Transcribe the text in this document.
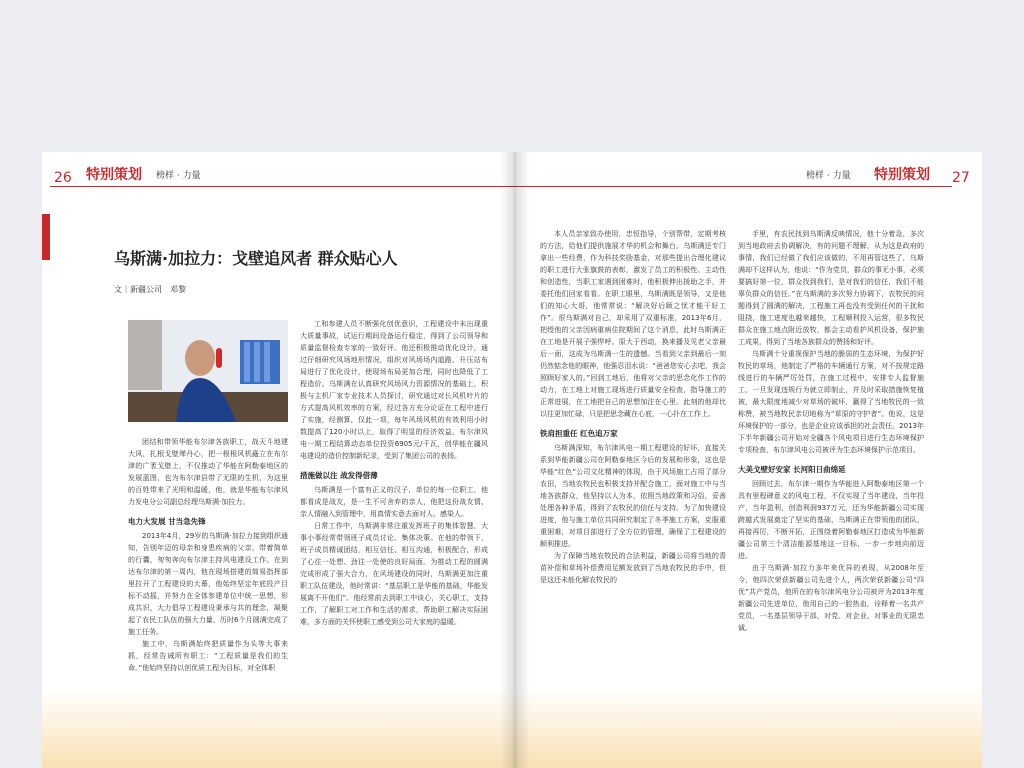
26 特别策划 榜样 · 力量
乌斯满·加拉力：戈壁追风者 群众贴心人
文｜新疆公司　邓黎

团结和带领华能布尔津各族职工，战天斗地建大风，扎根戈壁殚丹心，把一根根风机矗立在布尔津的广袤戈壁上，不仅推动了华能在阿勒泰地区的发展蓝图，也为布尔津县带了无限的生机，为这里的百姓带来了光明和温暖，他，就是华能布尔津风力发电分公司副总经理乌斯满·加拉力。

电力大发展 甘当急先锋

2013年4月，29岁的乌斯满·加拉力接到组织通知，告别年迈的母亲和身患疾病的父亲，带着简单的行囊，匆匆奔向布尔津主持风电建设工作。在到达布尔津的第一周内，他在现场搭建的简易指挥部里拉开了工程建设的大幕，他始终坚定年底投产目标不动摇，并努力在全体参建单位中统一思想，形成共识，大力倡导工程建设秉承与共的理念，凝聚起了农民工队伍的强大力量，历时6个月圆满完成了施工任务。

施工中，乌斯满始终把质量作为头等大事来抓，经常告诫所有职工：“工程质量是我们的生命。”他始终坚持以创优质工程为目标，对全体职

工和参建人员不断强化创优意识，工程建设中未出现重大质量事故，试运行期间设备运行稳定，得到了公司领导和质量监督检查专家的一致好评。他还积极推动优化设计，通过仔细研究风场地形情况，组织对风场场内道路、升压站布局进行了优化设计，使现场布局更加合理，同时也降低了工程造价。乌斯满在认真研究风场风力资源情况的基础上，积极与主机厂家专业技术人员探讨，研究通过对长风机叶片的方式提高风机效率的方案，经过各方充分论证在工程中进行了实施，经测算，仅此一项，每年风场风机的有效利用小时数提高了120小时以上，取得了明显的经济效益。布尔津风电一期工程结算动态单位投资6905元/千瓦，创华能在疆风电建设的造价控制新纪录，受到了集团公司的表扬。

措施做以注 战发得借薄

乌斯满是一个富有正义的汉子，单位的每一位职工，他都看成是战友，是一生不可舍弃的亲人，他把这份战友情、亲人情融入到管理中，用真情实意去面对人、感染人。

日常工作中，乌斯满非常注重发挥班子的集体智慧，大事小事经常带领班子成员讨论、集体决策。在他的带领下，班子成员精诚团结，相互信任、相互沟通，积极配合，形成了心往一处想、劲往一处使的良好局面。为推动工程的圆满完成形成了强大合力，在风场建设的同时，乌斯满更加注重职工队伍建设，他时常讲：“基层职工是华能的基础，华能发展离不开他们”。他经常前去到职工中谈心，关心职工，支持工作，了解职工对工作和生活的需求，帮助职工解决实际困难，多方面的关怀使职工感受到公司大家庭的温暖。

榜样 · 力量 特别策划 27

本人员亲家致办使用，忠恒指导，个别帮带，定期考核的方法，给他们提供施展才华的机会和舞台。乌斯满还专门拿出一些经费，作为科技奖励基金，对那些提出合理化建议的职工进行大张旗鼓的表彰，激发了员工的积极性、主动性和创造性，当职工家遇到困难时，他积极伸出援助之手，并委托他们回家看看。在职工眼里，乌斯满既是领导，又是他们的知心大哥，他常常说：“解决好后顾之忧才能干好工作”。很乌斯满对自己，却采用了双重标准，2013年6月，把绶他的父亲因病重病住院期间了这个消息，此时乌斯满正在工地是开展子强悍呼。原大于西动，换来播及见老父亲最后一面，这成为乌斯满一生的遗憾。当看到父亲到最后一刻仍然惦念他的眼神，他强忍泪水说：“爸爸您安心去吧，我会照顾好家人的。”回到工地后，他将对父亲的思念化作工作的动力，在工地上对施工现场进行质量安全检查，指导施工的正常进展，在工地把自己的思想加注在心里。此刻的他却比以往更加忙碌，只是把思念藏在心底，一心扑在工作上。

铁肩担重任 红色追万家

乌斯满深知，布尔津风电一期工程建设的好坏，直接关系到华能新疆公司在阿勒泰地区今后的发展和形象，这也是华能“红色”公司文化精神的体现，由于风场施工占用了部分农田，当地农牧民也积极支持并配合施工，面对施工中与当地各族群众，他坚持以人为本，依照当地政策和习俗，妥善处理各种矛盾，得到了农牧民的信任与支持。为了加快建设进度，他与施工单位共同研究制定了冬季施工方案，克服重重困难，对项目部进行了全方位的管理，确保了工程建设的顺利推进。

为了保障当地农牧民的合法利益，新疆公司将当地的青苗补偿和草场补偿费用足额发放到了当地农牧民的手中，但是这还未能化解农牧民的

手里，有农民找到乌斯满反映情况，他十分着急，多次到当地政府去协调解决，有的问题不理解，从为这是政府的事情，我们已经做了我们应该做的，不用再管这些了，乌斯满却不这样认为，他说：“作为党员，群众的事无小事，必须要搞好第一位，群众找到我们，是对我们的信任，我们不能辜负群众的信任。”在乌斯满的多次努力协调下，农牧民的问题得到了圆满的解决，工程施工再也没有受到任何的干扰和阻挠，施工进度也越来越快，工程顺利投入运营，很多牧民群众在施工地点附近放牧，都会主动看护风机设备，保护施工成果，得到了当地各族群众的赞扬和好评。

乌斯满十分重视保护当地的脆弱的生态环境，为保护好牧民的草场，他制定了严格的车辆通行方案，对不按规定路线进行的车辆严厉处罚，在施工过程中，安排专人监督施工，一旦发现违规行为就立即制止，并及时采取措施恢复植被，最大限度地减少对草场的破坏，赢得了当地牧民的一致称赞，被当地牧民亲切地称为“草原的守护者”。他说，这是环境保护的一部分，也是企业应该承担的社会责任。2013年下半年新疆公司开始对全疆各个风电项目进行生态环境保护专项检查，布尔津风电公司被评为生态环境保护示范项目。

大美戈壁好安家 长河阳日曲绵延

回顾过去，布尔津一期作为华能进入阿勒泰地区第一个具有里程碑意义的风电工程，不仅实现了当年建设，当年投产，当年盈利，创造利润937万元，还为华能新疆公司实现跨越式发展奠定了坚实的基础，乌斯满正在带领他的团队，再接再厉，不断开拓，正围绕着阿勒泰地区打造成为华能新疆公司第三个清洁能源基地这一目标，一步一步地向前迈进。

由于乌斯满·加拉力多年来优异的表现，从2008年至今，他四次荣获新疆公司先进个人，两次荣获新疆公司“四优”共产党员，他所在的布尔津风电分公司被评为2013年度新疆公司先进单位，他用自己的一腔热血，诠释着一名共产党员，一名基层领导干部，对党、对企业、对事业的无限忠诚。
